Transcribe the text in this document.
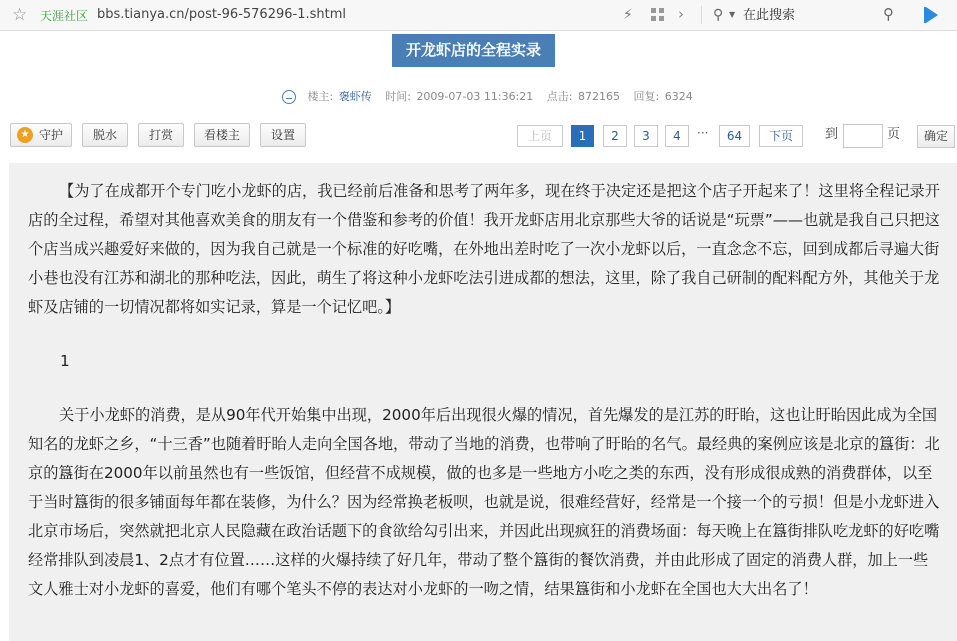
☆ 天涯社区 bbs.tianya.cn/post-96-576296-1.shtml	⚡	› ⚲ ▼
在此搜索	⚲
开龙虾店的全程实录
楼主: 褒虾传 时间: 2009-07-03 11:36:21 点击: 872165 回复: 6324
★ 守护	脱水	打赏	看楼主	设置	上页	1	2	3	4	···	64	下页	到	页	确定
【为了在成都开个专门吃小龙虾的店，我已经前后准备和思考了两年多，现在终于决定还是把这个店子开起来了！这里将全程记录开店的全过程，希望对其他喜欢美食的朋友有一个借鉴和参考的价值！我开龙虾店用北京那些大爷的话说是“玩票”——也就是我自己只把这个店当成兴趣爱好来做的，因为我自己就是一个标准的好吃嘴，在外地出差时吃了一次小龙虾以后，一直念念不忘，回到成都后寻遍大街小巷也没有江苏和湖北的那种吃法，因此，萌生了将这种小龙虾吃法引进成都的想法，这里，除了我自己研制的配料配方外，其他关于龙虾及店铺的一切情况都将如实记录，算是一个记忆吧。】
1
关于小龙虾的消费，是从90年代开始集中出现，2000年后出现很火爆的情况，首先爆发的是江苏的盱眙，这也让盱眙因此成为全国知名的龙虾之乡，“十三香”也随着盱眙人走向全国各地，带动了当地的消费，也带响了盱眙的名气。最经典的案例应该是北京的簋街：北京的簋街在2000年以前虽然也有一些饭馆，但经营不成规模，做的也多是一些地方小吃之类的东西，没有形成很成熟的消费群体，以至于当时簋街的很多铺面每年都在装修，为什么？因为经常换老板呗，也就是说，很难经营好，经常是一个接一个的亏损！但是小龙虾进入北京市场后，突然就把北京人民隐藏在政治话题下的食欲给勾引出来，并因此出现疯狂的消费场面：每天晚上在簋街排队吃龙虾的好吃嘴经常排队到凌晨1、2点才有位置……这样的火爆持续了好几年，带动了整个簋街的餐饮消费，并由此形成了固定的消费人群，加上一些文人雅士对小龙虾的喜爱，他们有哪个笔头不停的表达对小龙虾的一吻之情，结果簋街和小龙虾在全国也大大出名了！
